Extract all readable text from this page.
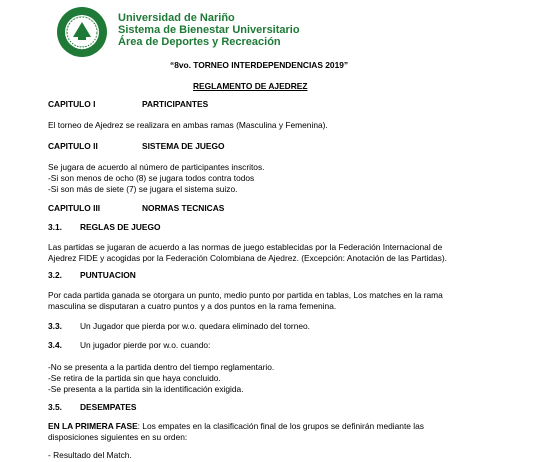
Universidad de Nariño
Sistema de Bienestar Universitario
Área de Deportes y Recreación
“8vo. TORNEO INTERDEPENDENCIAS 2019”
REGLAMENTO DE AJEDREZ
CAPITULO I	PARTICIPANTES
El torneo de Ajedrez se realizara en ambas ramas (Masculina y Femenina).
CAPITULO II	SISTEMA DE JUEGO
Se jugara de acuerdo al número de participantes inscritos.
-Si son menos de ocho (8) se jugara todos contra todos
-Si son más de siete (7) se jugara el sistema suizo.
CAPITULO III	NORMAS TECNICAS
3.1. REGLAS DE JUEGO
Las partidas se jugaran de acuerdo a las normas de juego establecidas por la Federación Internacional de
Ajedrez FIDE y acogidas por la Federación Colombiana de Ajedrez. (Excepción: Anotación de las Partidas).
3.2. PUNTUACION
Por cada partida ganada se otorgara un punto, medio punto por partida en tablas, Los matches en la rama
masculina se disputaran a cuatro puntos y a dos puntos en la rama femenina.
3.3. Un Jugador que pierda por w.o. quedara eliminado del torneo.
3.4. Un jugador pierde por w.o. cuando:
-No se presenta a la partida dentro del tiempo reglamentario.
-Se retira de la partida sin que haya concluido.
-Se presenta a la partida sin la identificación exigida.
3.5. DESEMPATES
EN LA PRIMERA FASE: Los empates en la clasificación final de los grupos se definirán mediante las
disposiciones siguientes en su orden:
- Resultado del Match.
